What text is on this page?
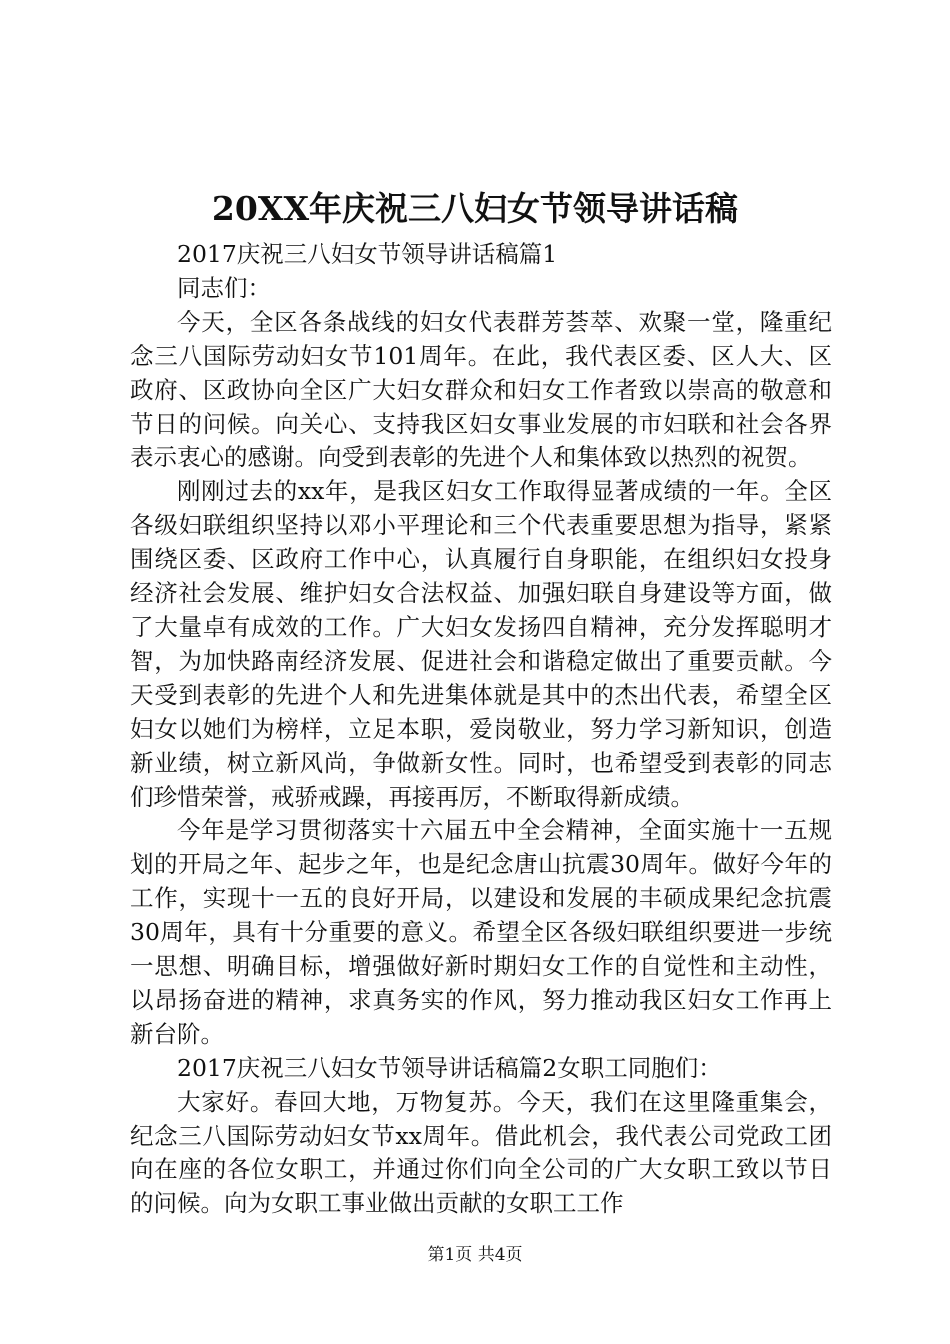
20XX年庆祝三八妇女节领导讲话稿

2017庆祝三八妇女节领导讲话稿篇1

同志们：

今天，全区各条战线的妇女代表群芳荟萃、欢聚一堂，隆重纪念三八国际劳动妇女节101周年。在此，我代表区委、区人大、区政府、区政协向全区广大妇女群众和妇女工作者致以崇高的敬意和节日的问候。向关心、支持我区妇女事业发展的市妇联和社会各界表示衷心的感谢。向受到表彰的先进个人和集体致以热烈的祝贺。

刚刚过去的xx年，是我区妇女工作取得显著成绩的一年。全区各级妇联组织坚持以邓小平理论和三个代表重要思想为指导，紧紧围绕区委、区政府工作中心，认真履行自身职能，在组织妇女投身经济社会发展、维护妇女合法权益、加强妇联自身建设等方面，做了大量卓有成效的工作。广大妇女发扬四自精神，充分发挥聪明才智，为加快路南经济发展、促进社会和谐稳定做出了重要贡献。今天受到表彰的先进个人和先进集体就是其中的杰出代表，希望全区妇女以她们为榜样，立足本职，爱岗敬业，努力学习新知识，创造新业绩，树立新风尚，争做新女性。同时，也希望受到表彰的同志们珍惜荣誉，戒骄戒躁，再接再厉，不断取得新成绩。

今年是学习贯彻落实十六届五中全会精神，全面实施十一五规划的开局之年、起步之年，也是纪念唐山抗震30周年。做好今年的工作，实现十一五的良好开局，以建设和发展的丰硕成果纪念抗震30周年，具有十分重要的意义。希望全区各级妇联组织要进一步统一思想、明确目标，增强做好新时期妇女工作的自觉性和主动性，以昂扬奋进的精神，求真务实的作风，努力推动我区妇女工作再上新台阶。

2017庆祝三八妇女节领导讲话稿篇2女职工同胞们：

大家好。春回大地，万物复苏。今天，我们在这里隆重集会，纪念三八国际劳动妇女节xx周年。借此机会，我代表公司党政工团向在座的各位女职工，并通过你们向全公司的广大女职工致以节日的问候。向为女职工事业做出贡献的女职工工作

第1页 共4页
